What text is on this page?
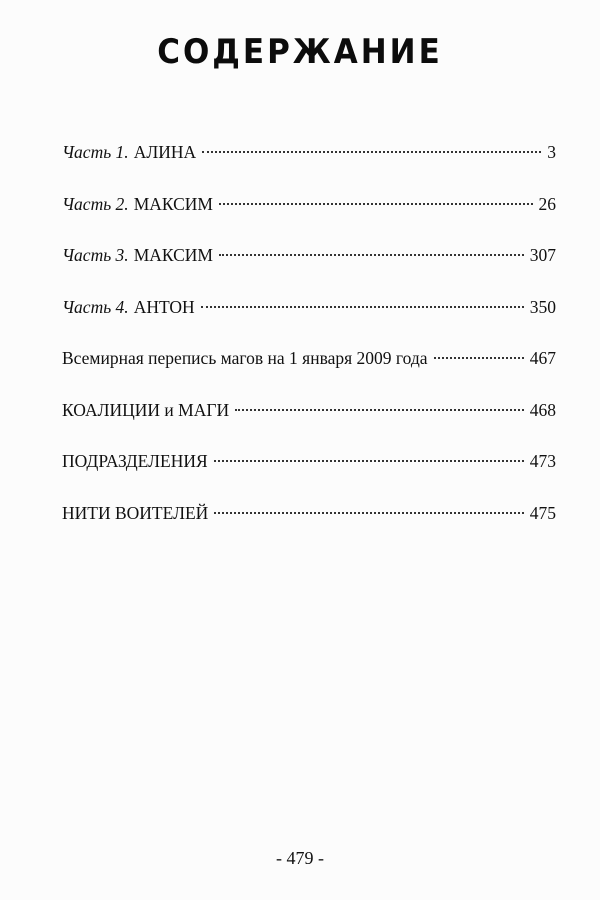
СОДЕРЖАНИЕ
Часть 1. АЛИНА	3
Часть 2. МАКСИМ	26
Часть 3. МАКСИМ	307
Часть 4. АНТОН	350
Всемирная перепись магов на 1 января 2009 года	467
КОАЛИЦИИ и МАГИ	468
ПОДРАЗДЕЛЕНИЯ	473
НИТИ ВОИТЕЛЕЙ	475
- 479 -
